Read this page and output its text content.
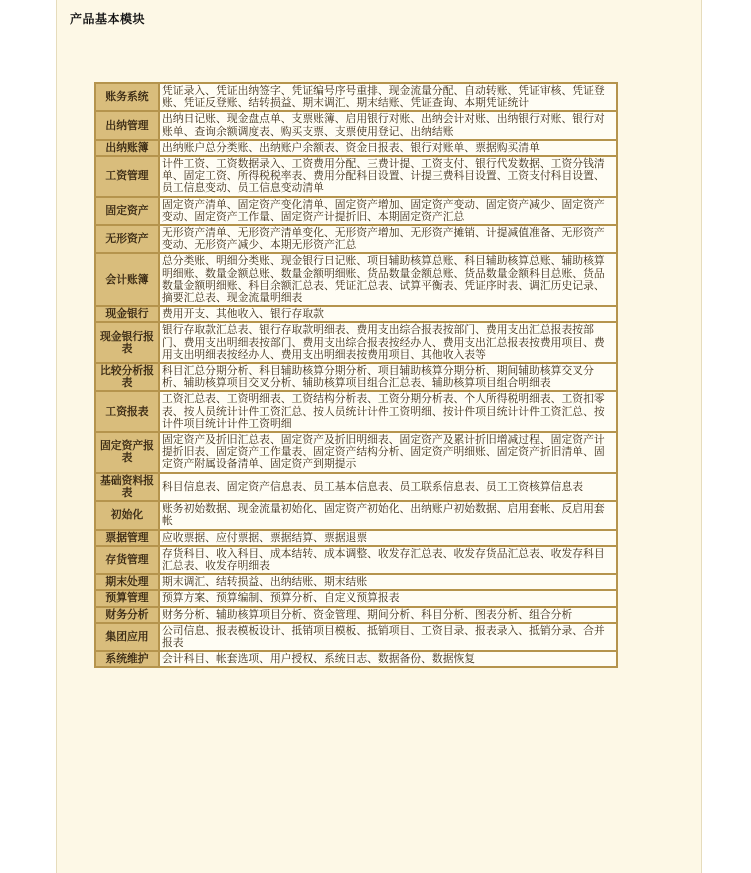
产品基本模块
账务系统	凭证录入、凭证出纳签字、凭证编号序号重排、现金流量分配、自动转账、凭证审核、凭证登账、凭证反登账、结转损益、期末调汇、期末结账、凭证查询、本期凭证统计
出纳管理	出纳日记账、现金盘点单、支票账簿、启用银行对账、出纳会计对账、出纳银行对账、银行对账单、查询余额调度表、购买支票、支票使用登记、出纳结账
出纳账簿	出纳账户总分类账、出纳账户余额表、资金日报表、银行对账单、票据购买清单
工资管理	计件工资、工资数据录入、工资费用分配、三费计提、工资支付、银行代发数据、工资分钱清单、固定工资、所得税税率表、费用分配科目设置、计提三费科目设置、工资支付科目设置、员工信息变动、员工信息变动清单
固定资产	固定资产清单、固定资产变化清单、固定资产增加、固定资产变动、固定资产减少、固定资产变动、固定资产工作量、固定资产计提折旧、本期固定资产汇总
无形资产	无形资产清单、无形资产清单变化、无形资产增加、无形资产摊销、计提减值准备、无形资产变动、无形资产减少、本期无形资产汇总
会计账簿	总分类账、明细分类账、现金银行日记账、项目辅助核算总账、科目辅助核算总账、辅助核算明细账、数量金额总账、数量金额明细账、货品数量金额总账、货品数量金额科目总账、货品数量金额明细账、科目余额汇总表、凭证汇总表、试算平衡表、凭证序时表、调汇历史记录、摘要汇总表、现金流量明细表
现金银行	费用开支、其他收入、银行存取款
现金银行报表	银行存取款汇总表、银行存取款明细表、费用支出综合报表按部门、费用支出汇总报表按部门、费用支出明细表按部门、费用支出综合报表按经办人、费用支出汇总报表按费用项目、费用支出明细表按经办人、费用支出明细表按费用项目、其他收入表等
比较分析报表	科目汇总分期分析、科目辅助核算分期分析、项目辅助核算分期分析、期间辅助核算交叉分析、辅助核算项目交叉分析、辅助核算项目组合汇总表、辅助核算项目组合明细表
工资报表	工资汇总表、工资明细表、工资结构分析表、工资分期分析表、个人所得税明细表、工资扣零表、按人员统计计件工资汇总、按人员统计计件工资明细、按计件项目统计计件工资汇总、按计件项目统计计件工资明细
固定资产报表	固定资产及折旧汇总表、固定资产及折旧明细表、固定资产及累计折旧增减过程、固定资产计提折旧表、固定资产工作量表、固定资产结构分析、固定资产明细账、固定资产折旧清单、固定资产附属设备清单、固定资产到期提示
基础资料报表	科目信息表、固定资产信息表、员工基本信息表、员工联系信息表、员工工资核算信息表
初始化	账务初始数据、现金流量初始化、固定资产初始化、出纳账户初始数据、启用套帐、反启用套帐
票据管理	应收票据、应付票据、票据结算、票据退票
存货管理	存货科目、收入科目、成本结转、成本调整、收发存汇总表、收发存货品汇总表、收发存科目汇总表、收发存明细表
期末处理	期末调汇、结转损益、出纳结账、期末结账
预算管理	预算方案、预算编制、预算分析、自定义预算报表
财务分析	财务分析、辅助核算项目分析、资金管理、期间分析、科目分析、图表分析、组合分析
集团应用	公司信息、报表模板设计、抵销项目模板、抵销项目、工资目录、报表录入、抵销分录、合并报表
系统维护	会计科目、帐套选项、用户授权、系统日志、数据备份、数据恢复
